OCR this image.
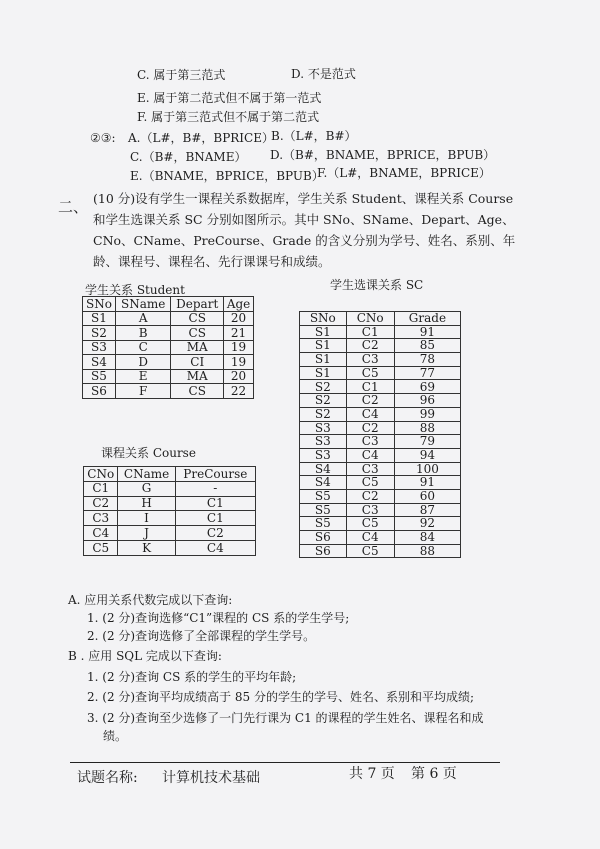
C. 属于第三范式	D. 不是范式
E. 属于第二范式但不属于第一范式
F. 属于第三范式但不属于第二范式
②③: A.（L#，B#，BPRICE）
B.（L#，B#）
C.（B#，BNAME） D.（B#，BNAME，BPRICE，BPUB）
E.（BNAME，BPRICE，BPUB）
F.（L#，BNAME，BPRICE）
二、 (10 分)设有学生一课程关系数据库，学生关系 Student、课程关系 Course
和学生选课关系 SC 分别如图所示。其中 SNo、SName、Depart、Age、
CNo、CName、PreCourse、Grade 的含义分别为学号、姓名、系别、年
龄、课程号、课程名、先行课课号和成绩。
学生关系 Student
SNo	SName	Depart	Age
S1	A	CS	20
S2	B	CS	21
S3	C	MA	19
S4	D	CI	19
S5	E	MA	20
S6	F	CS	22
学生选课关系 SC
SNo	CNo	Grade
S1	C1	91
S1	C2	85
S1	C3	78
S1	C5	77
S2	C1	69
S2	C2	96
S2	C4	99
S3	C2	88
S3	C3	79
S3	C4	94
S4	C3	100
S4	C5	91
S5	C2	60
S5	C3	87
S5	C5	92
S6	C4	84
S6	C5	88
课程关系 Course
CNo	CName	PreCourse
C1	G	-
C2	H	C1
C3	I	C1
C4	J	C2
C5	K	C4
A. 应用关系代数完成以下查询:
1. (2 分)查询选修“C1”课程的 CS 系的学生学号;
2. (2 分)查询选修了全部课程的学生学号。
B . 应用 SQL 完成以下查询:
1. (2 分)查询 CS 系的学生的平均年龄;
2. (2 分)查询平均成绩高于 85 分的学生的学号、姓名、系别和平均成绩;
3. (2 分)查询至少选修了一门先行课为 C1 的课程的学生姓名、课程名和成
绩。
试题名称: 计算机技术基础	共 7 页 第 6 页
